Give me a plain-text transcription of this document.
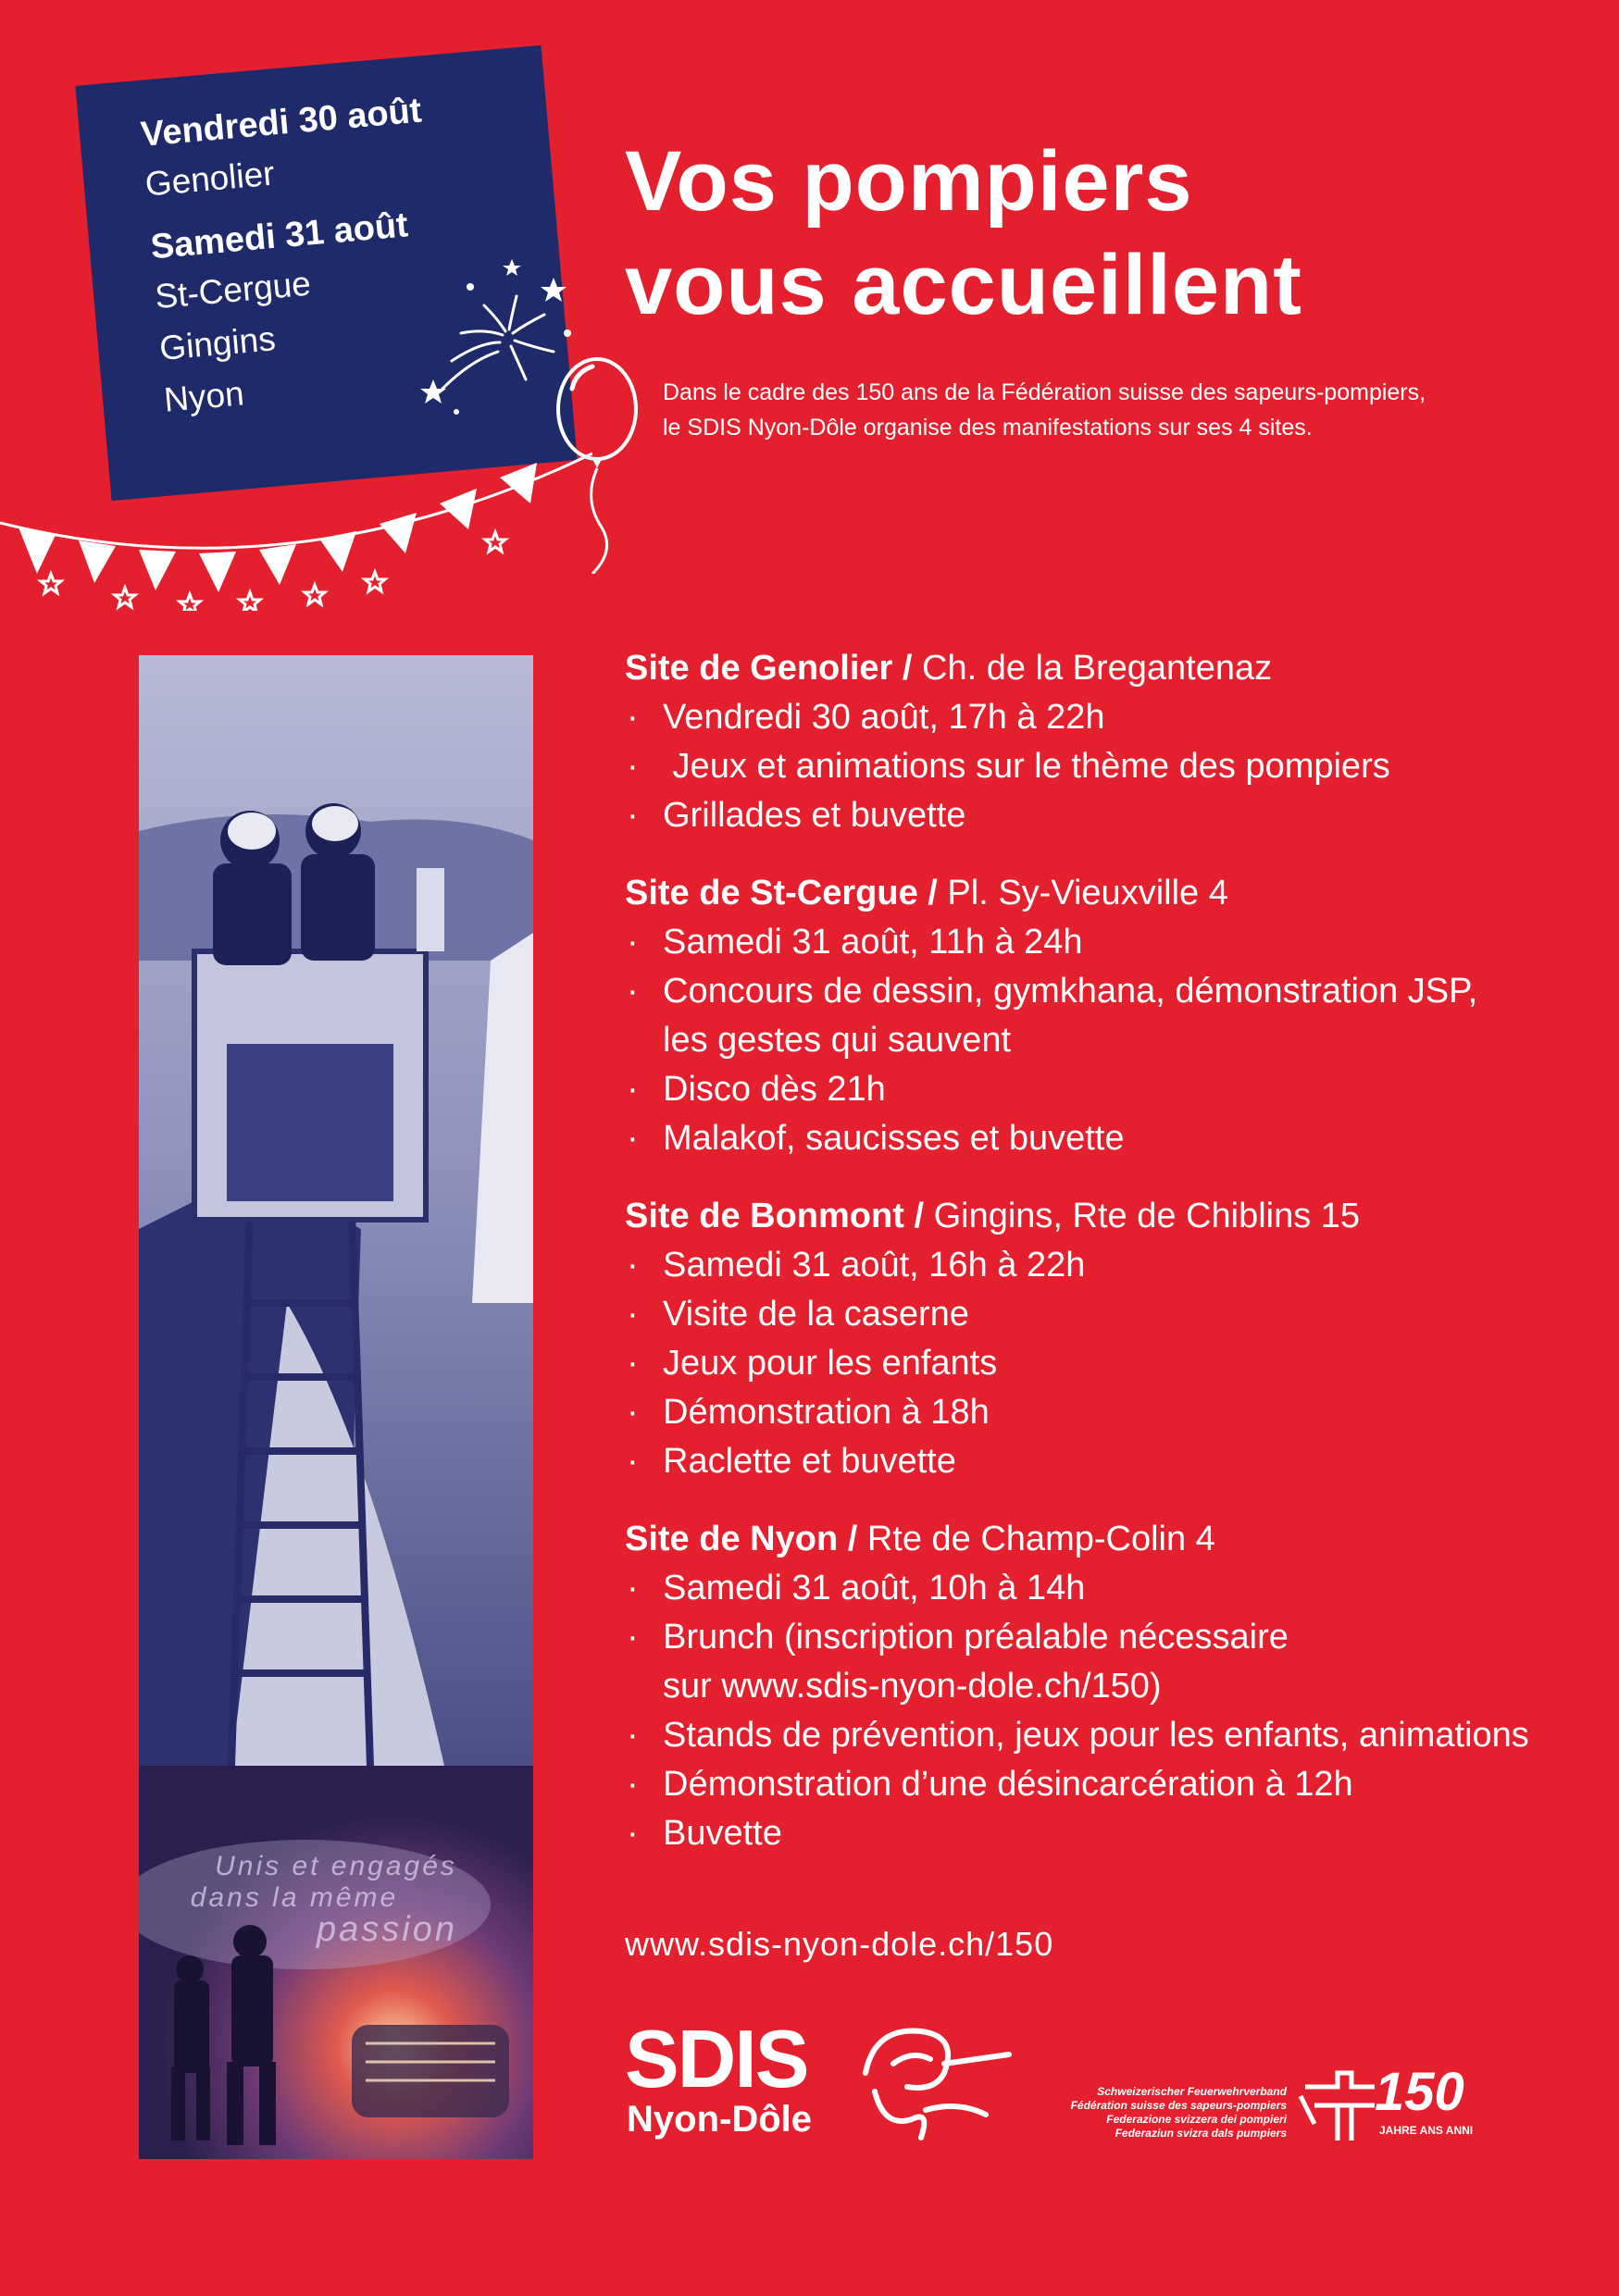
Vendredi 30 août
Genolier
Samedi 31 août
St-Cergue
Gingins
Nyon
Vos pompiers
vous accueillent
Dans le cadre des 150 ans de la Fédération suisse des sapeurs-pompiers,
le SDIS Nyon-Dôle organise des manifestations sur ses 4 sites.
Unis et engagés
dans la même
passion
Site de Genolier / Ch. de la Bregantenaz
· Vendredi 30 août, 17h à 22h
·  Jeux et animations sur le thème des pompiers
· Grillades et buvette
Site de St-Cergue / Pl. Sy-Vieuxville 4
· Samedi 31 août, 11h à 24h
· Concours de dessin, gymkhana, démonstration JSP,
les gestes qui sauvent
· Disco dès 21h
· Malakof, saucisses et buvette
Site de Bonmont / Gingins, Rte de Chiblins 15
· Samedi 31 août, 16h à 22h
· Visite de la caserne
· Jeux pour les enfants
· Démonstration à 18h
· Raclette et buvette
Site de Nyon / Rte de Champ-Colin 4
· Samedi 31 août, 10h à 14h
· Brunch (inscription préalable nécessaire
sur www.sdis-nyon-dole.ch/150)
· Stands de prévention, jeux pour les enfants, animations
· Démonstration d’une désincarcération à 12h
· Buvette
www.sdis-nyon-dole.ch/150
SDIS
Nyon-Dôle
Schweizerischer Feuerwehrverband
Fédération suisse des sapeurs-pompiers
Federazione svizzera dei pompieri
Federaziun svizra dals pumpiers
150
JAHRE ANS ANNI
